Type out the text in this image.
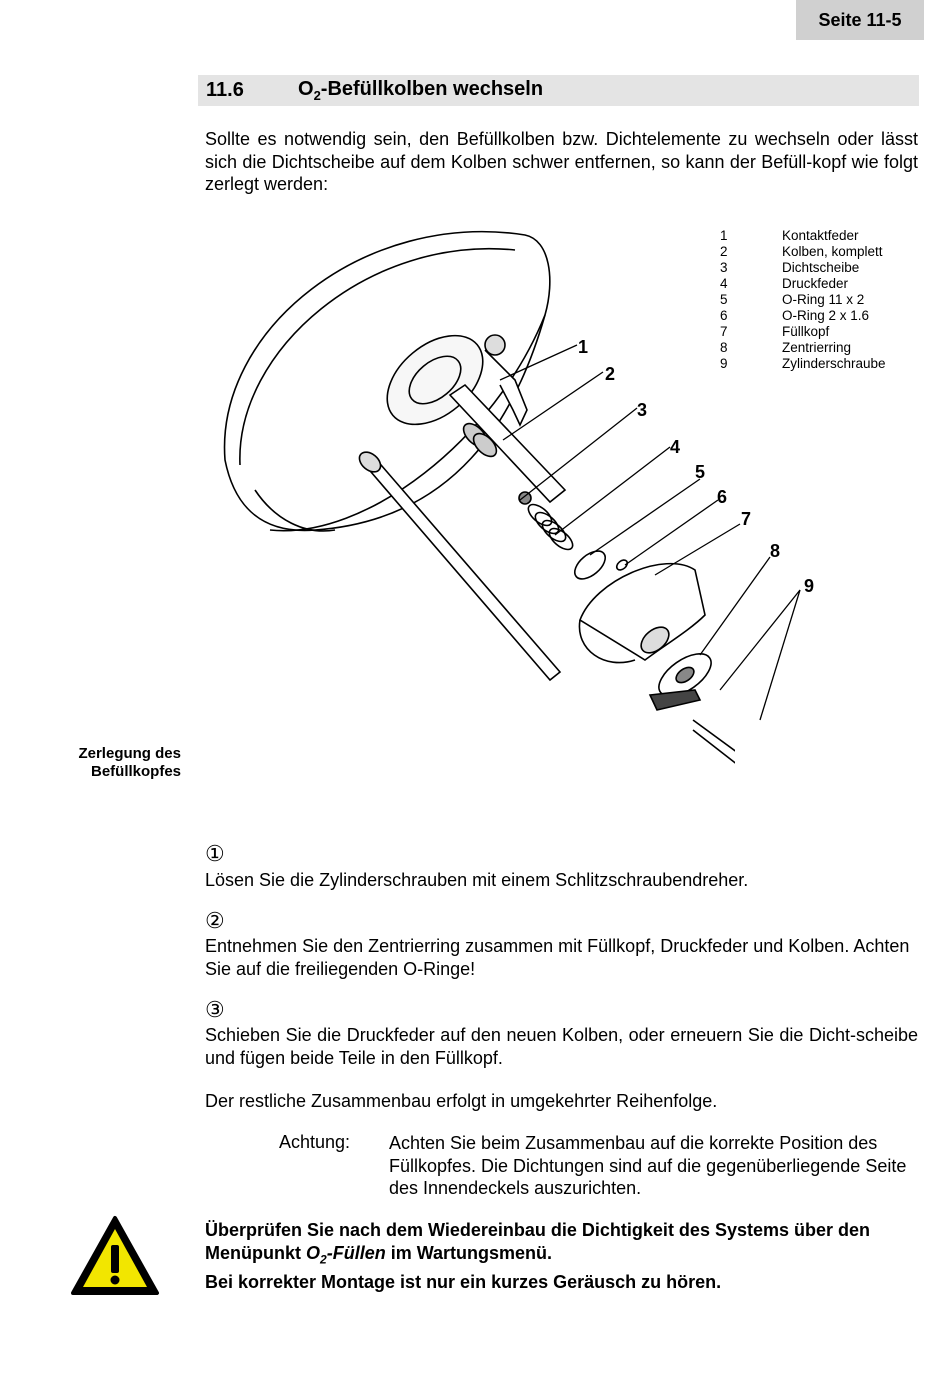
Seite 11-5
11.6	$O_2$-Befüllkolben wechseln
Sollte es notwendig sein, den Befüllkolben bzw. Dichtelemente zu wechseln oder lässt sich die Dichtscheibe auf dem Kolben schwer entfernen, so kann der Befüll-kopf wie folgt zerlegt werden:
1	Kontaktfeder
2	Kolben, komplett
3	Dichtscheibe
4	Druckfeder
5	O-Ring 11 x 2
6	O-Ring 2 x 1.6
7	Füllkopf
8	Zentrierring
9	Zylinderschraube
1
2
3
4
5
6
7
8
9
Zerlegung des
Befüllkopfes
①
Lösen Sie die Zylinderschrauben mit einem Schlitzschraubendreher.
②
Entnehmen Sie den Zentrierring zusammen mit Füllkopf, Druckfeder und Kolben. Achten Sie auf die freiliegenden O-Ringe!
③
Schieben Sie die Druckfeder auf den neuen Kolben, oder erneuern Sie die Dicht-scheibe und fügen beide Teile in den Füllkopf.
Der restliche Zusammenbau erfolgt in umgekehrter Reihenfolge.
Achtung: Achten Sie beim Zusammenbau auf die korrekte Position des Füllkopfes. Die Dichtungen sind auf die gegenüberliegende Seite des Innendeckels auszurichten.
Überprüfen Sie nach dem Wiedereinbau die Dichtigkeit des Systems über den
Menüpunkt $O_2$-Füllen im Wartungsmenü.
Bei korrekter Montage ist nur ein kurzes Geräusch zu hören.
